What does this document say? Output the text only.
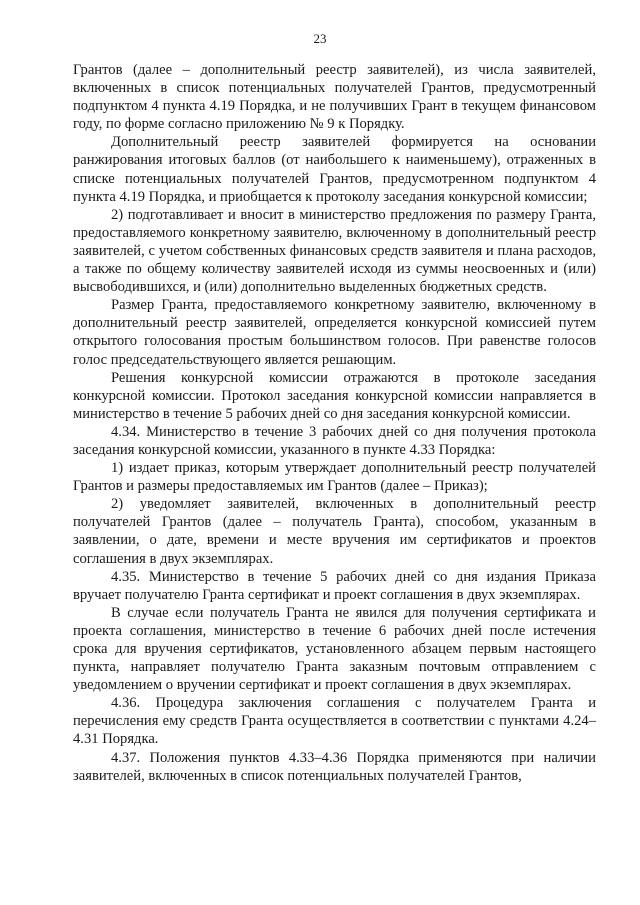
23

Грантов (далее – дополнительный реестр заявителей), из числа заявителей, включенных в список потенциальных получателей Грантов, предусмотренный подпунктом 4 пункта 4.19 Порядка, и не получивших Грант в текущем финансовом году, по форме согласно приложению № 9 к Порядку.

Дополнительный реестр заявителей формируется на основании ранжирования итоговых баллов (от наибольшего к наименьшему), отраженных в списке потенциальных получателей Грантов, предусмотренном подпунктом 4 пункта 4.19 Порядка, и приобщается к протоколу заседания конкурсной комиссии;

2) подготавливает и вносит в министерство предложения по размеру Гранта, предоставляемого конкретному заявителю, включенному в дополнительный реестр заявителей, с учетом собственных финансовых средств заявителя и плана расходов, а также по общему количеству заявителей исходя из суммы неосвоенных и (или) высвободившихся, и (или) дополнительно выделенных бюджетных средств.

Размер Гранта, предоставляемого конкретному заявителю, включенному в дополнительный реестр заявителей, определяется конкурсной комиссией путем открытого голосования простым большинством голосов. При равенстве голосов голос председательствующего является решающим.

Решения конкурсной комиссии отражаются в протоколе заседания конкурсной комиссии. Протокол заседания конкурсной комиссии направляется в министерство в течение 5 рабочих дней со дня заседания конкурсной комиссии.

4.34. Министерство в течение 3 рабочих дней со дня получения протокола заседания конкурсной комиссии, указанного в пункте 4.33 Порядка:

1) издает приказ, которым утверждает дополнительный реестр получателей Грантов и размеры предоставляемых им Грантов (далее – Приказ);

2) уведомляет заявителей, включенных в дополнительный реестр получателей Грантов (далее – получатель Гранта), способом, указанным в заявлении, о дате, времени и месте вручения им сертификатов и проектов соглашения в двух экземплярах.

4.35. Министерство в течение 5 рабочих дней со дня издания Приказа вручает получателю Гранта сертификат и проект соглашения в двух экземплярах.

В случае если получатель Гранта не явился для получения сертификата и проекта соглашения, министерство в течение 6 рабочих дней после истечения срока для вручения сертификатов, установленного абзацем первым настоящего пункта, направляет получателю Гранта заказным почтовым отправлением с уведомлением о вручении сертификат и проект соглашения в двух экземплярах.

4.36. Процедура заключения соглашения с получателем Гранта и перечисления ему средств Гранта осуществляется в соответствии с пунктами 4.24–4.31 Порядка.

4.37. Положения пунктов 4.33–4.36 Порядка применяются при наличии заявителей, включенных в список потенциальных получателей Грантов,
